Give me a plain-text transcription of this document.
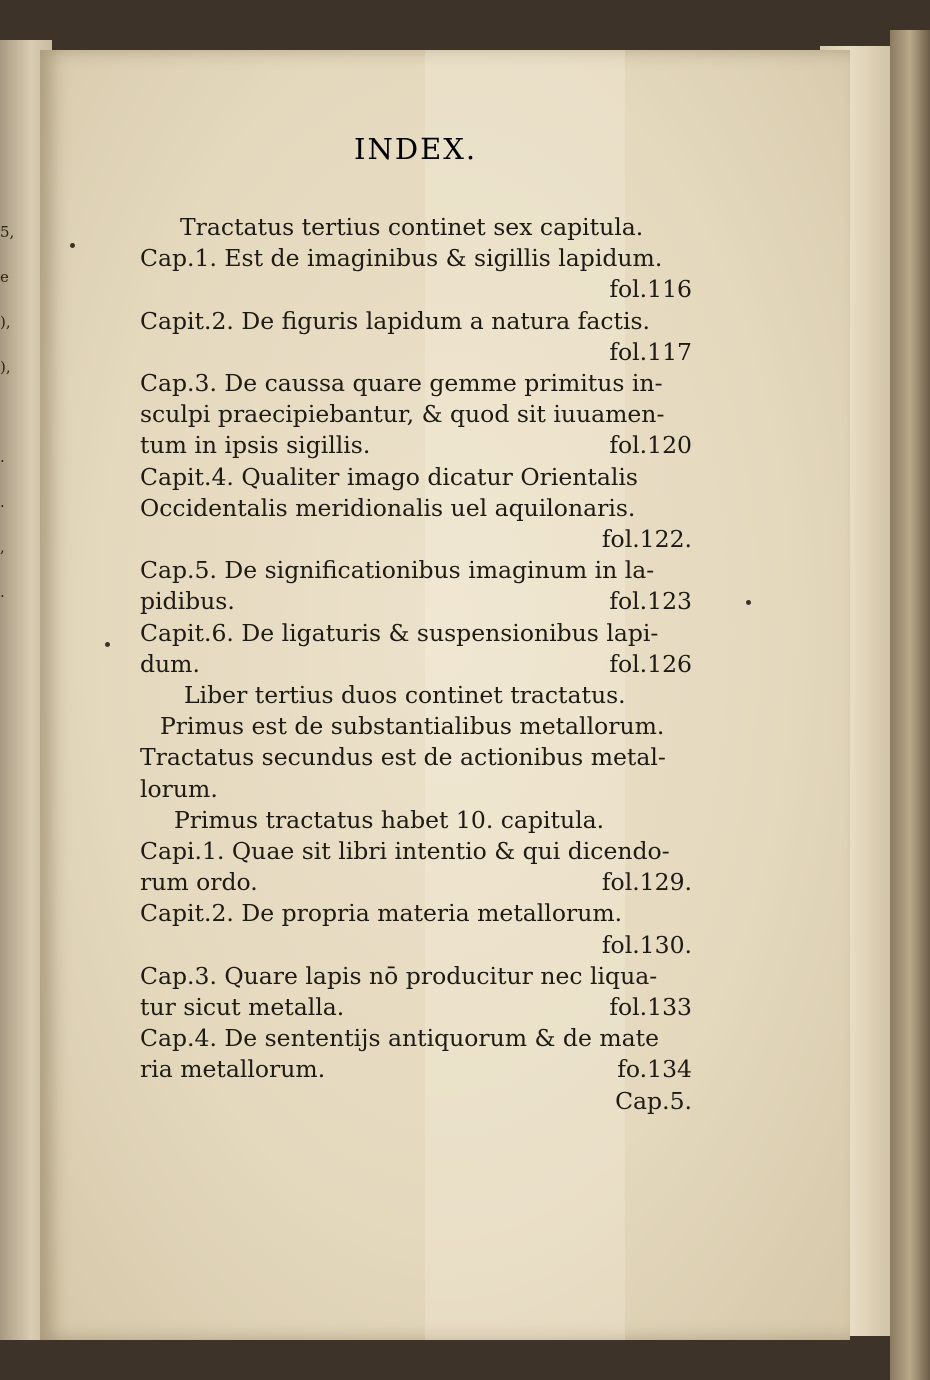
5,
e
),
),

.
.
,
.
INDEX.
Tractatus tertius continet sex capitula.
Cap.1. Est de imaginibus & sigillis lapidum.
fol.116
Capit.2. De figuris lapidum a natura factis.
fol.117
Cap.3. De caussa quare gemme primitus in-
sculpi praecipiebantur, & quod sit iuuamen-
tum in ipsis sigillis.	fol.120
Capit.4. Qualiter imago dicatur Orientalis
Occidentalis meridionalis uel aquilonaris.
fol.122.
Cap.5. De significationibus imaginum in la-
pidibus.	fol.123
Capit.6. De ligaturis & suspensionibus lapi-
dum.	fol.126
Liber tertius duos continet tractatus.
Primus est de substantialibus metallorum.
Tractatus secundus est de actionibus metal-
lorum.
Primus tractatus habet 10. capitula.
Capi.1. Quae sit libri intentio & qui dicendo-
rum ordo.	fol.129.
Capit.2. De propria materia metallorum.
fol.130.
Cap.3. Quare lapis nō producitur nec liqua-
tur sicut metalla.	fol.133
Cap.4. De sententijs antiquorum & de mate
ria metallorum.	fo.134
Cap.5.
